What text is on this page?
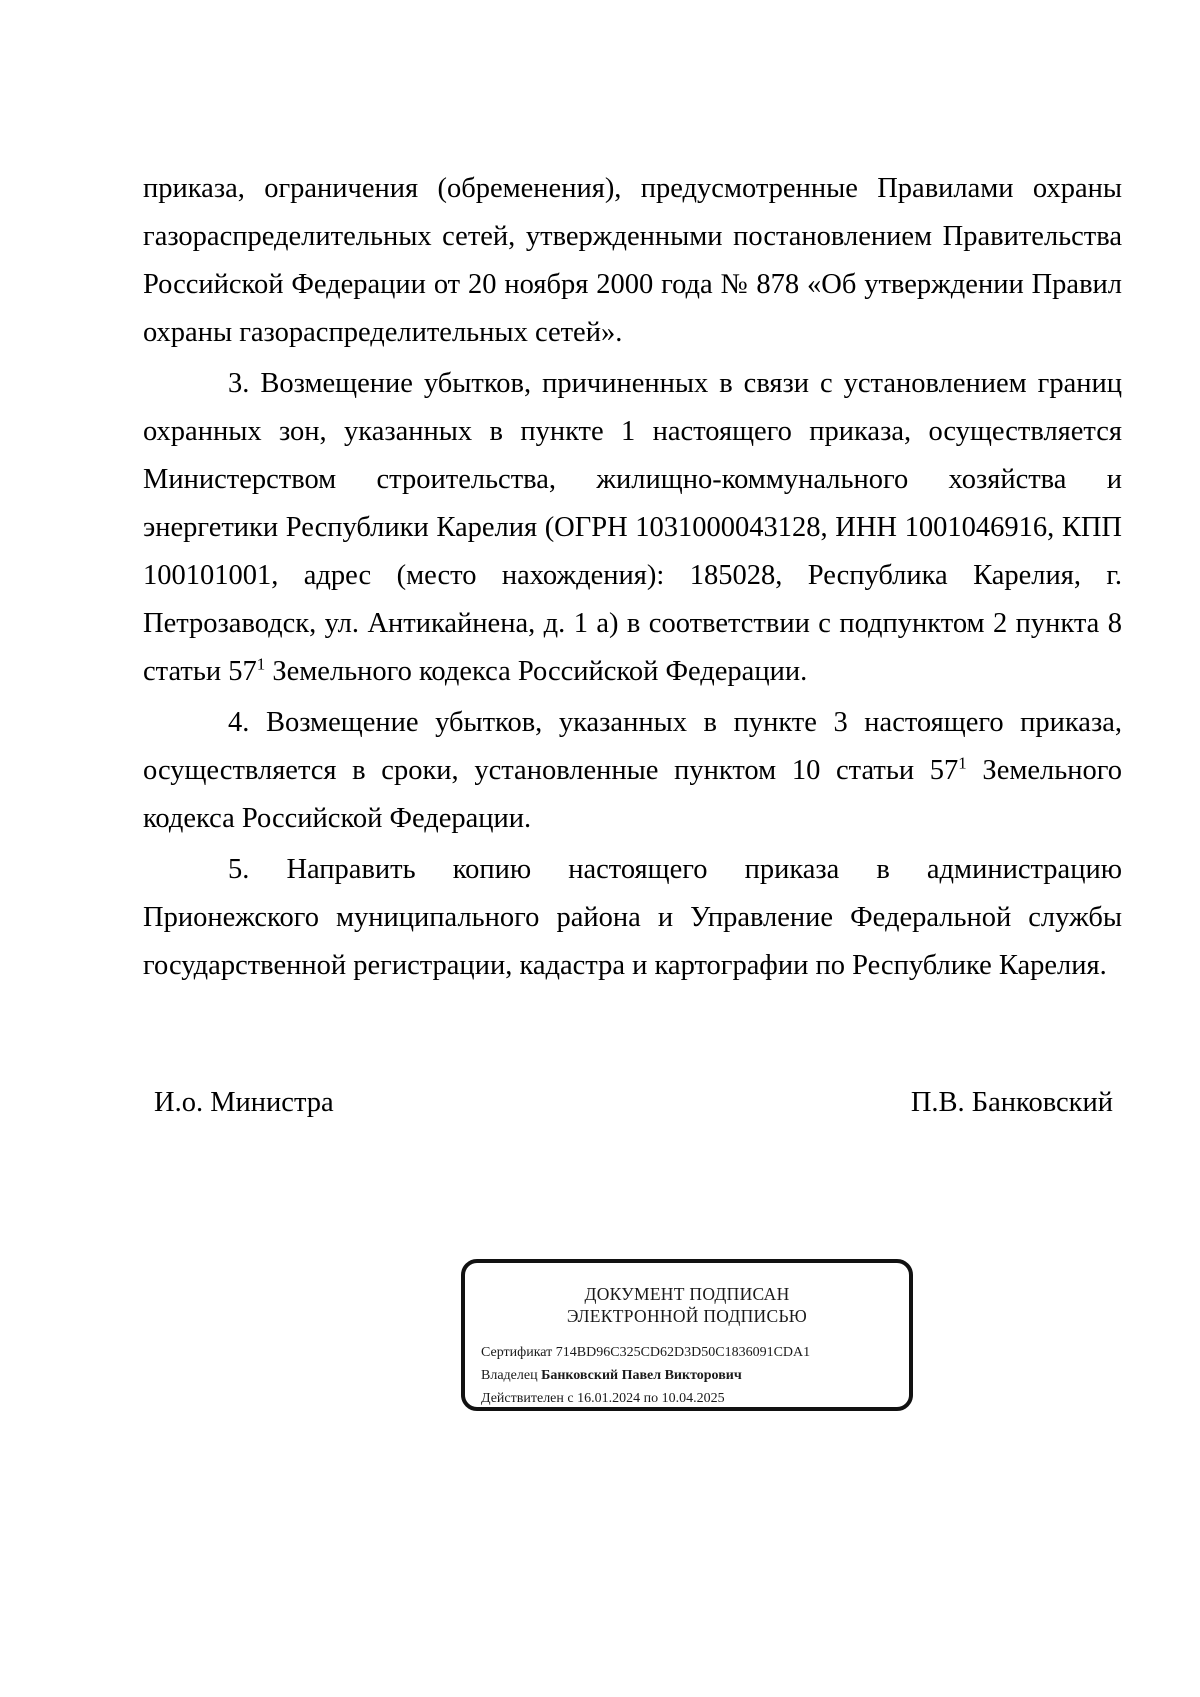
приказа, ограничения (обременения), предусмотренные Правилами охраны газораспределительных сетей, утвержденными постановлением Правительства Российской Федерации от 20 ноября 2000 года № 878 «Об утверждении Правил охраны газораспределительных сетей».

3. Возмещение убытков, причиненных в связи с установлением границ охранных зон, указанных в пункте 1 настоящего приказа, осуществляется Министерством строительства, жилищно-коммунального хозяйства и энергетики Республики Карелия (ОГРН 1031000043128, ИНН 1001046916, КПП 100101001, адрес (место нахождения): 185028, Республика Карелия, г. Петрозаводск, ул. Антикайнена, д. 1 а) в соответствии с подпунктом 2 пункта 8 статьи $57^1$ Земельного кодекса Российской Федерации.

4. Возмещение убытков, указанных в пункте 3 настоящего приказа, осуществляется в сроки, установленные пунктом 10 статьи $57^1$ Земельного кодекса Российской Федерации.

5. Направить копию настоящего приказа в администрацию Прионежского муниципального района и Управление Федеральной службы государственной регистрации, кадастра и картографии по Республике Карелия.

И.о. Министра	П.В. Банковский
ДОКУМЕНТ ПОДПИСАН
ЭЛЕКТРОННОЙ ПОДПИСЬЮ
Сертификат 714BD96C325CD62D3D50C1836091CDA1
Владелец Банковский Павел Викторович
Действителен с 16.01.2024 по 10.04.2025
